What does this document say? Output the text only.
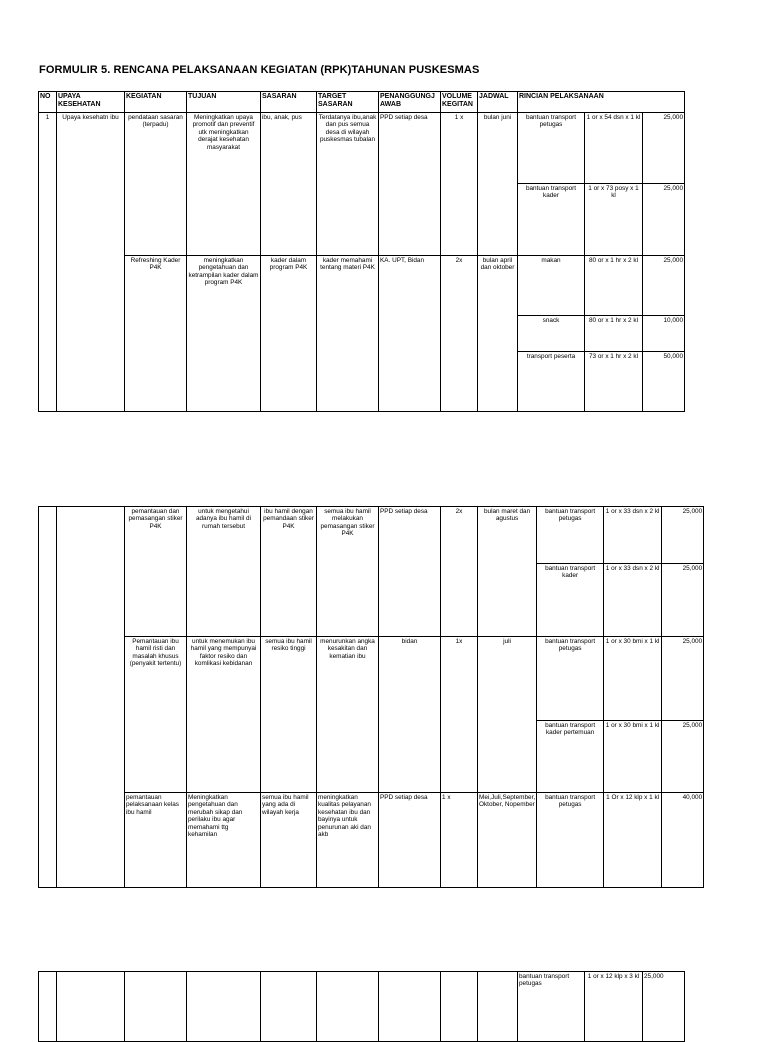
FORMULIR 5. RENCANA PELAKSANAAN KEGIATAN (RPK)TAHUNAN PUSKESMAS
NO	UPAYA KESEHATAN	KEGIATAN	TUJUAN	SASARAN	TARGET SASARAN	PENANGGUNGJ AWAB	VOLUME KEGITAN	JADWAL	RINCIAN PELAKSANAAN		
1	Upaya kesehatn ibu	pendataan sasaran (terpadu)	Meningkatkan upaya promotif dan preventif utk meningkatkan derajat kesehatan masyarakat	ibu, anak, pus	Terdatanya ibu,anak dan pus semua desa di wilayah puskesmas tubalan	PPD setiap desa	1 x	bulan juni	bantuan transport petugas	1 or x 54 dsn x 1 kl	25,000
									bantuan transport kader	1 or x 73 posy x 1 kl	25,000
		Refreshing Kader P4K	meningkatkan pengetahuan dan ketrampilan kader dalam program P4K	kader dalam program P4K	kader memahami tentang materi P4K	KA. UPT, Bidan	2x	bulan april dan oktober	makan	80 or x 1 hr x 2 kl	25,000
									snack	80 or x 1 hr x 2 kl	10,000
									transport peserta	73 or x 1 hr x 2 kl	50,000
		pemantauan dan pemasangan stiker P4K	untuk mengetahui adanya ibu hamil di rumah tersebut	ibu hamil dengan pemandaan stiker P4K	semua ibu hamil melakukan pemasangan stiker P4K	PPD setiap desa	2x	bulan maret dan agustus	bantuan transport petugas	1 or x 33 dsn x 2 kl	25,000
									bantuan transport kader	1 or x 33 dsn x 2 kl	25,000
		Pemantauan ibu hamil risti dan masalah khusus (penyakit tertentu)	untuk menemukan ibu hamil yang mempunyai faktor resiko dan komlikasi kebidanan	semua ibu hamil resiko tinggi	menurunkan angka kesakitan dan kematian ibu	bidan	1x	juli	bantuan transport petugas	1 or x 30 bmi x 1 kl	25,000
									bantuan transport kader pertemuan	1 or x 30 bmi x 1 kl	25,000
		pemantauan pelaksanaan kelas ibu hamil	Meningkatkan pengetahuan dan merubah sikap dan perilaku ibu agar memahami ttg kehamilan	semua ibu hamil yang ada di wilayah kerja	meningkatkan kualitas pelayanan kesehatan ibu dan bayinya untuk penurunan aki dan akb	PPD setiap desa	1 x	Mei,Juli,September, Oktober, Nopember	bantuan transport petugas	1 Or x 12 klp x 1 kl	40,000
									bantuan transport petugas	1 or x 12 klp x 3 kl	25,000
